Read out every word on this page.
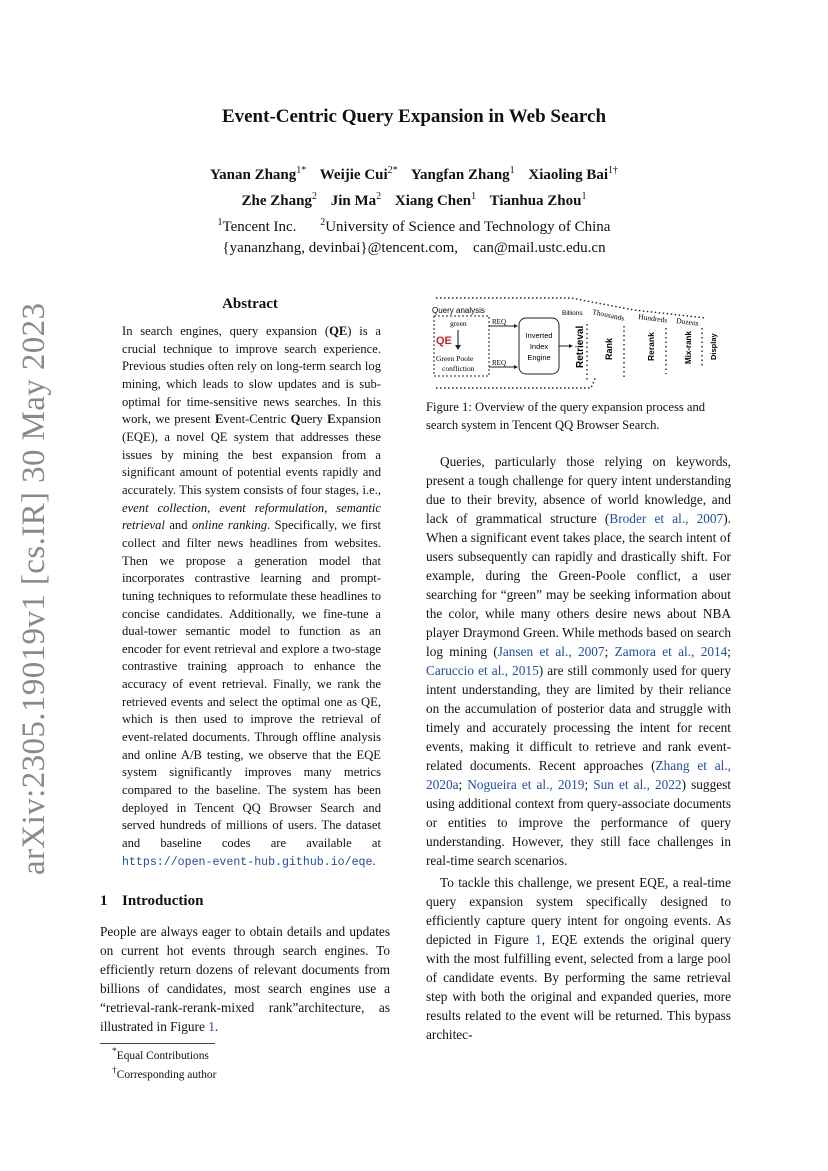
arXiv:2305.19019v1 [cs.IR] 30 May 2023
Event-Centric Query Expansion in Web Search
Yanan Zhang$^{1*}$ Weijie Cui$^{2*}$ Yangfan Zhang$^1$ Xiaoling Bai$^{1\dagger}$
Zhe Zhang$^2$ Jin Ma$^2$ Xiang Chen$^1$ Tianhua Zhou$^1$
$^1$Tencent Inc. $^2$University of Science and Technology of China
{yananzhang, devinbai}@tencent.com,    can@mail.ustc.edu.cn
Abstract

In search engines, query expansion (QE) is a crucial technique to improve search experience. Previous studies often rely on long-term search log mining, which leads to slow updates and is sub-optimal for time-sensitive news searches. In this work, we present Event-Centric Query Expansion (EQE), a novel QE system that addresses these issues by mining the best expansion from a significant amount of potential events rapidly and accurately. This system consists of four stages, i.e., event collection, event reformulation, semantic retrieval and online ranking. Specifically, we first collect and filter news headlines from websites. Then we propose a generation model that incorporates contrastive learning and prompt-tuning techniques to reformulate these headlines to concise candidates. Additionally, we fine-tune a dual-tower semantic model to function as an encoder for event retrieval and explore a two-stage contrastive training approach to enhance the accuracy of event retrieval. Finally, we rank the retrieved events and select the optimal one as QE, which is then used to improve the retrieval of event-related documents. Through offline analysis and online A/B testing, we observe that the EQE system significantly improves many metrics compared to the baseline. The system has been deployed in Tencent QQ Browser Search and served hundreds of millions of users. The dataset and baseline codes are available at https://open-event-hub.github.io/eqe.

1 Introduction

People are always eager to obtain details and updates on current hot events through search engines. To efficiently return dozens of relevant documents from billions of candidates, most search engines use a “retrieval-rank-rerank-mixed rank”architecture, as illustrated in Figure 1.

*Equal Contributions

†Corresponding author

Query analysis
green
QE
Green Poole
confliction
REQ
REQ
Inverted
Index
Engine
Billions Thousands Hundreds Dozens
Retrieval Rank	Rerank	Mix-rank Display
Figure 1: Overview of the query expansion process and search system in Tencent QQ Browser Search.

Queries, particularly those relying on keywords, present a tough challenge for query intent understanding due to their brevity, absence of world knowledge, and lack of grammatical structure (Broder et al., 2007). When a significant event takes place, the search intent of users subsequently can rapidly and drastically shift. For example, during the Green-Poole conflict, a user searching for “green” may be seeking information about the color, while many others desire news about NBA player Draymond Green. While methods based on search log mining (Jansen et al., 2007; Zamora et al., 2014; Caruccio et al., 2015) are still commonly used for query intent understanding, they are limited by their reliance on the accumulation of posterior data and struggle with timely and accurately processing the intent for recent events, making it difficult to retrieve and rank event-related documents. Recent approaches (Zhang et al., 2020a; Nogueira et al., 2019; Sun et al., 2022) suggest using additional context from query-associate documents or entities to improve the performance of query understanding. However, they still face challenges in real-time search scenarios.

To tackle this challenge, we present EQE, a real-time query expansion system specifically designed to efficiently capture query intent for ongoing events. As depicted in Figure 1, EQE extends the original query with the most fulfilling event, selected from a large pool of candidate events. By performing the same retrieval step with both the original and expanded queries, more results related to the event will be returned. This bypass architec-
